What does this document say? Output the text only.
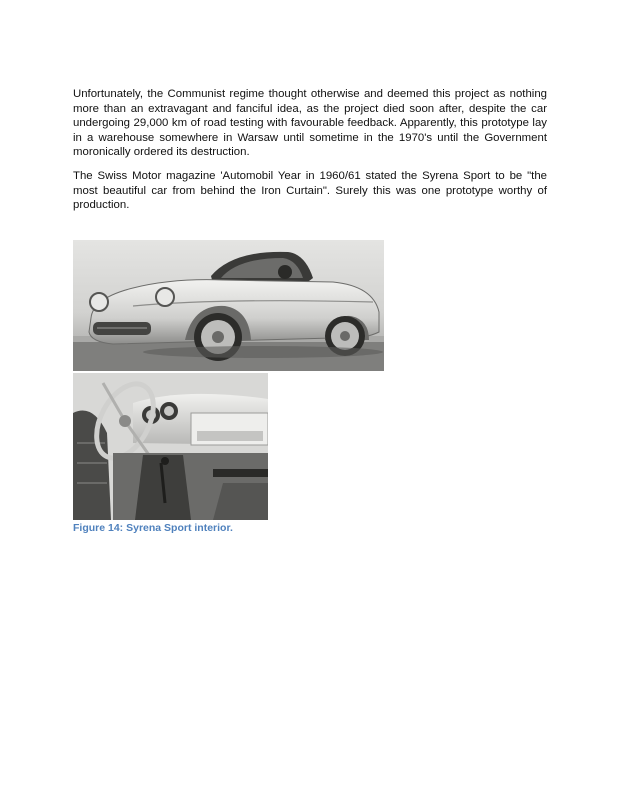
Unfortunately, the Communist regime thought otherwise and deemed this project as nothing more than an extravagant and fanciful idea, as the project died soon after, despite the car undergoing 29,000 km of road testing with favourable feedback. Apparently, this prototype lay in a warehouse somewhere in Warsaw until sometime in the 1970's until the Government moronically ordered its destruction.

The Swiss Motor magazine 'Automobil Year in 1960/61 stated the Syrena Sport to be "the most beautiful car from behind the Iron Curtain". Surely this was one prototype worthy of production.

Figure 14: Syrena Sport interior.
